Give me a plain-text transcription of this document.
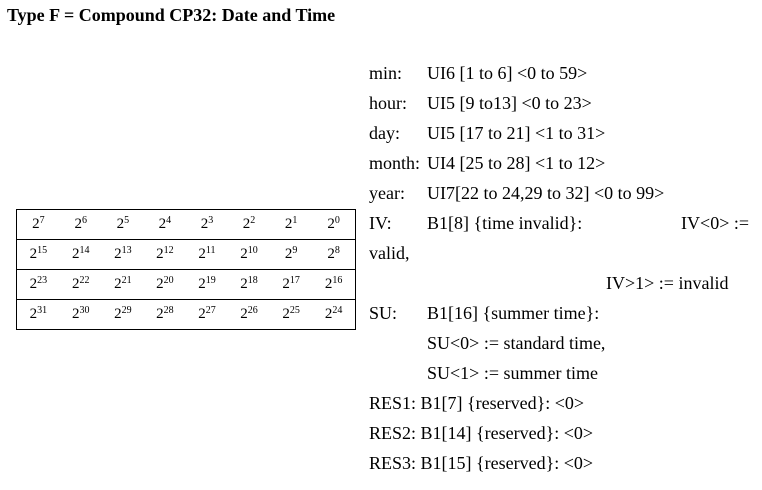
Type F = Compound CP32: Date and Time
$2^7$	$2^6$	$2^5$	$2^4$	$2^3$	$2^2$	$2^1$	$2^0$
$2^{15}$	$2^{14}$	$2^{13}$	$2^{12}$	$2^{11}$	$2^{10}$	$2^9$	$2^8$
$2^{23}$	$2^{22}$	$2^{21}$	$2^{20}$	$2^{19}$	$2^{18}$	$2^{17}$	$2^{16}$
$2^{31}$	$2^{30}$	$2^{29}$	$2^{28}$	$2^{27}$	$2^{26}$	$2^{25}$	$2^{24}$
min: UI6 [1 to 6] <0 to 59>
hour: UI5 [9 to13] <0 to 23>
day: UI5 [17 to 21] <1 to 31>
month: UI4 [25 to 28] <1 to 12>
year: UI7[22 to 24,29 to 32] <0 to 99>
IV: B1[8] {time invalid}:	IV<0> :=
valid,
IV>1> := invalid
SU: B1[16] {summer time}:
SU<0> := standard time,
SU<1> := summer time
RES1: B1[7] {reserved}: <0>
RES2: B1[14] {reserved}: <0>
RES3: B1[15] {reserved}: <0>
